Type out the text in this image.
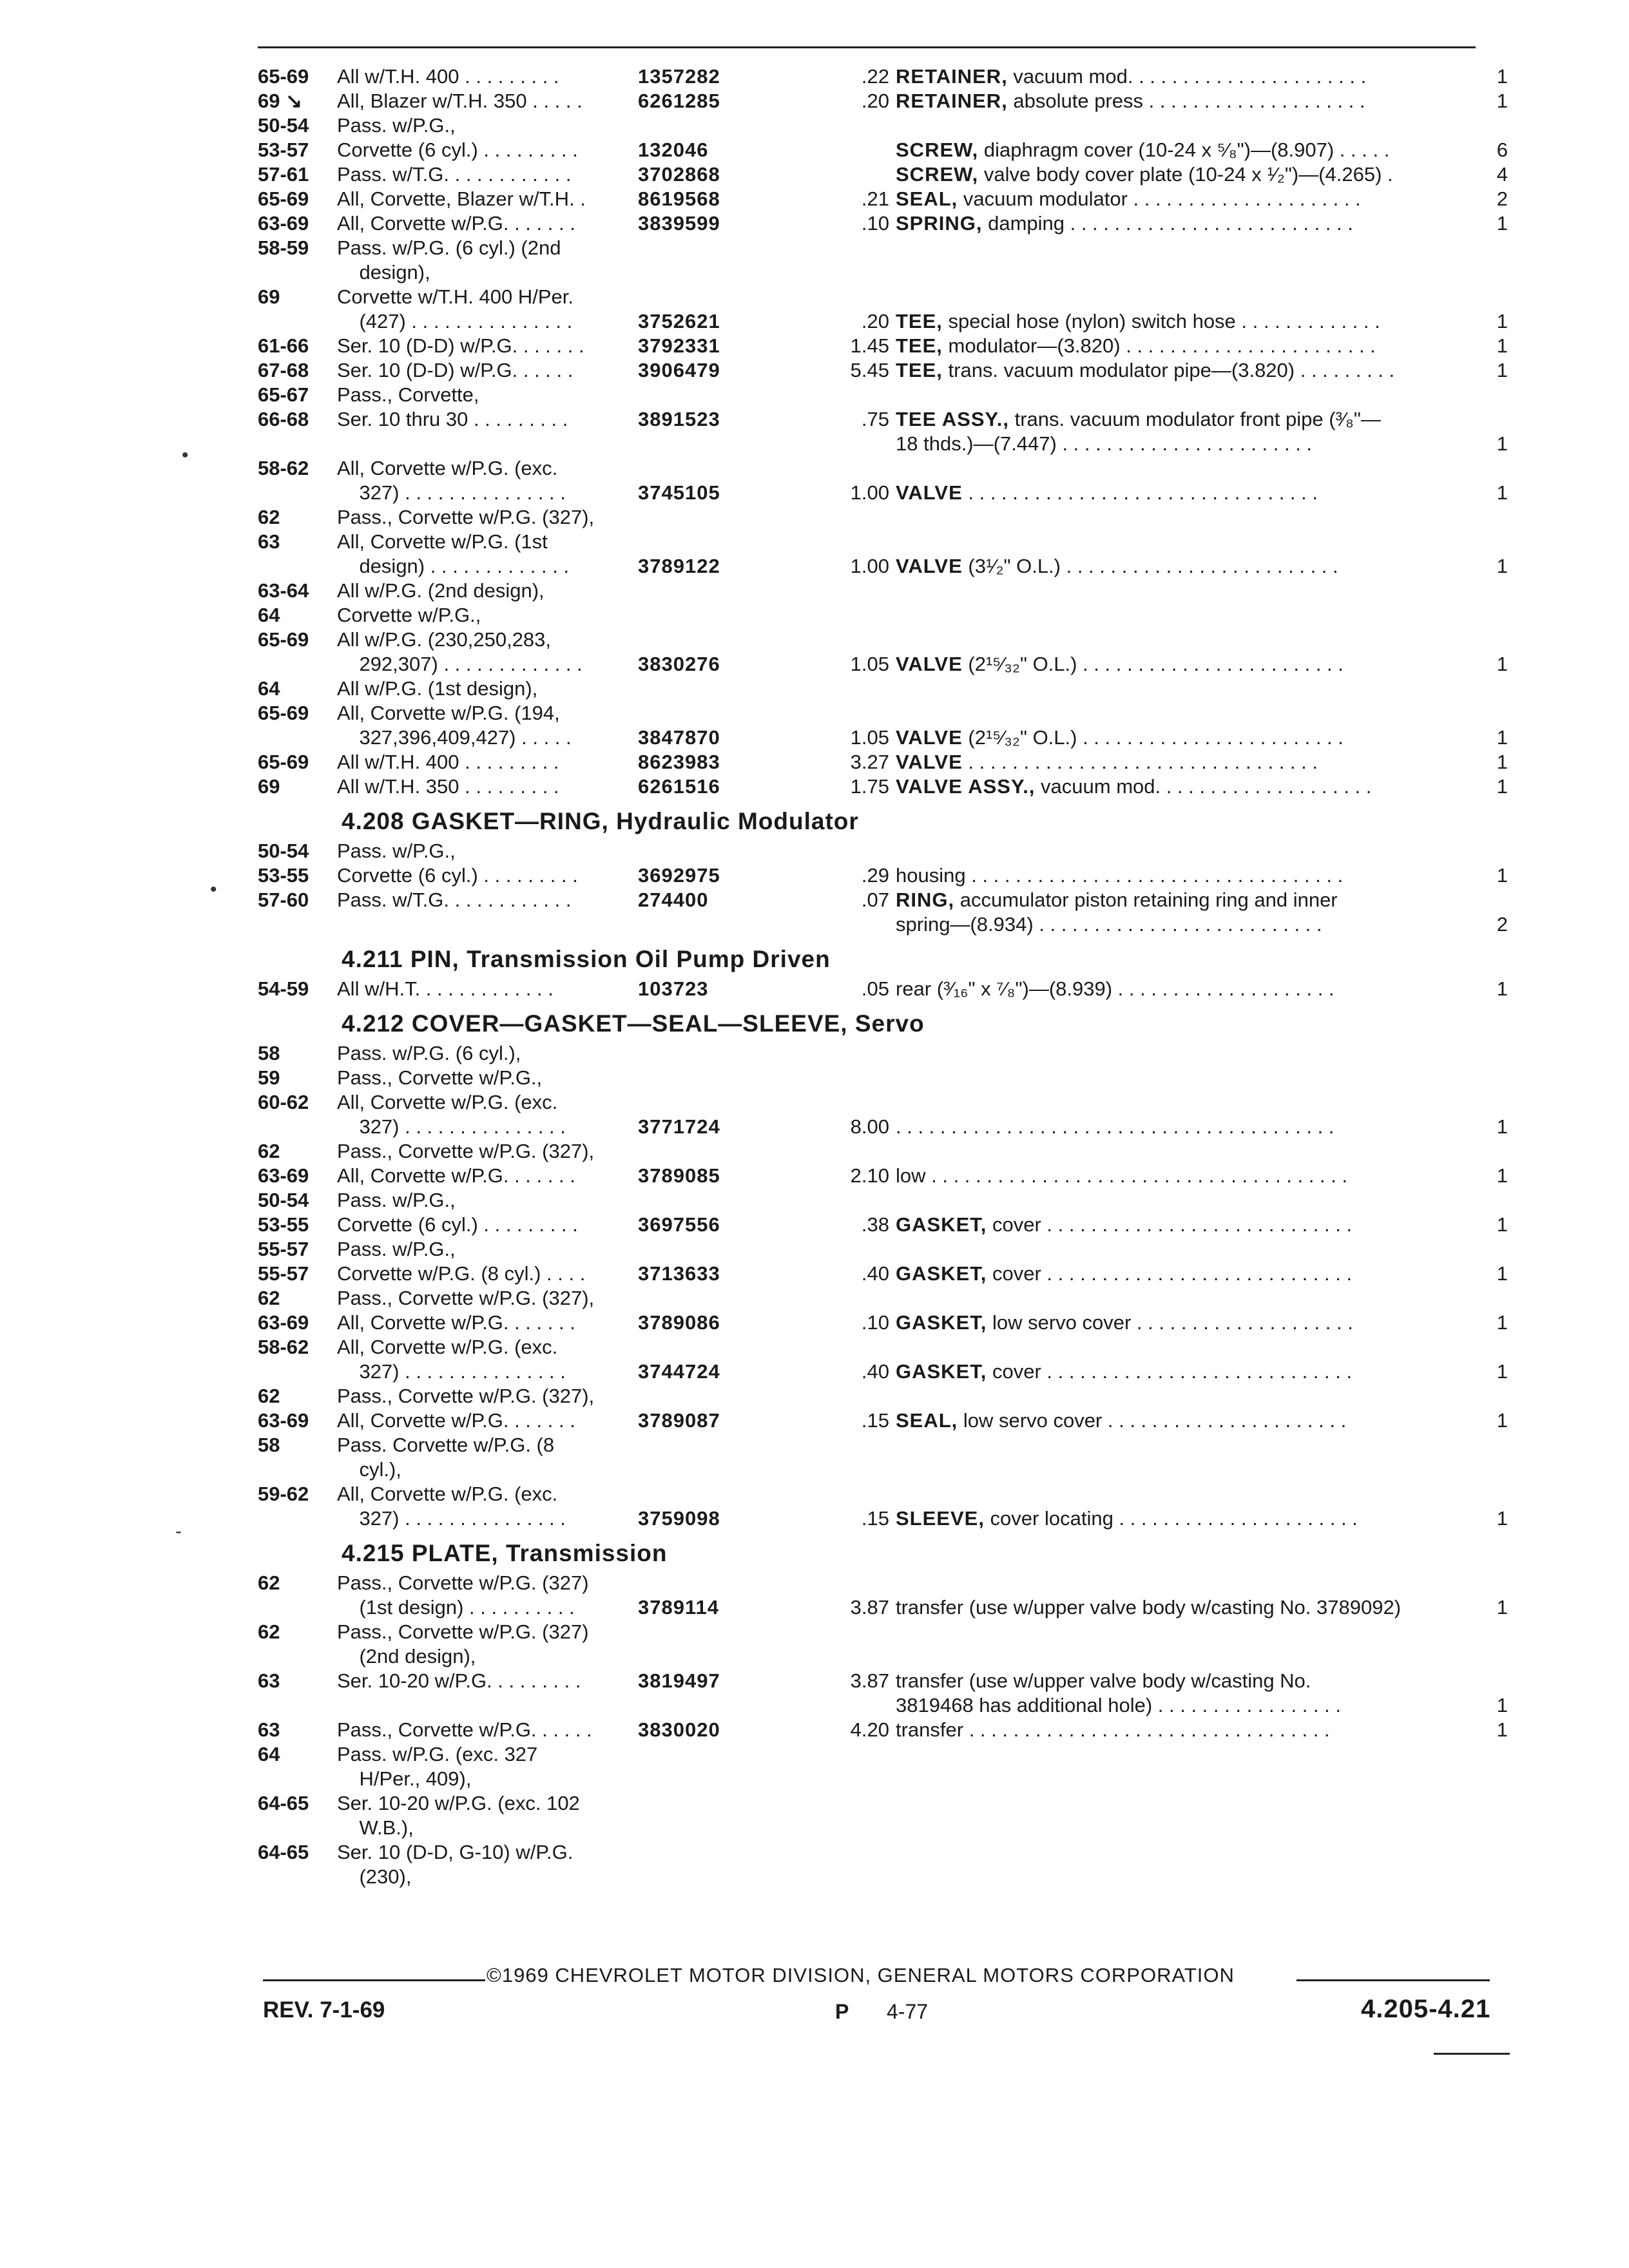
65-69	All w/T.H. 400 . . . . . . . . .	1357282	.22 RETAINER, vacuum mod. . . . . . . . . . . . . . . . . . . . . .	1
69 ↘	All, Blazer w/T.H. 350 . . . . .	6261285	.20 RETAINER, absolute press . . . . . . . . . . . . . . . . . . . .	1
50-54	Pass. w/P.G.,
53-57	Corvette (6 cyl.) . . . . . . . . .	132046	SCREW, diaphragm cover (10-24 x ⁵⁄₈")—(8.907) . . . . .	6
57-61	Pass. w/T.G. . . . . . . . . . . .	3702868	SCREW, valve body cover plate (10-24 x ¹⁄₂")—(4.265) .	4
65-69	All, Corvette, Blazer w/T.H. .	8619568	.21 SEAL, vacuum modulator . . . . . . . . . . . . . . . . . . . . .	2
63-69	All, Corvette w/P.G. . . . . . .	3839599	.10 SPRING, damping . . . . . . . . . . . . . . . . . . . . . . . . . .	1
58-59	Pass. w/P.G. (6 cyl.) (2nd
design),
69	Corvette w/T.H. 400 H/Per.
(427) . . . . . . . . . . . . . . .	3752621	.20 TEE, special hose (nylon) switch hose . . . . . . . . . . . . .	1
61-66	Ser. 10 (D-D) w/P.G. . . . . . .	3792331	1.45 TEE, modulator—(3.820) . . . . . . . . . . . . . . . . . . . . . . .	1
67-68	Ser. 10 (D-D) w/P.G. . . . . .	3906479	5.45 TEE, trans. vacuum modulator pipe—(3.820) . . . . . . . . .	1
65-67	Pass., Corvette,
66-68	Ser. 10 thru 30 . . . . . . . . .	3891523	.75 TEE ASSY., trans. vacuum modulator front pipe (³⁄₈"—
18 thds.)—(7.447) . . . . . . . . . . . . . . . . . . . . . . .	1
58-62	All, Corvette w/P.G. (exc.
327) . . . . . . . . . . . . . . .	3745105	1.00 VALVE . . . . . . . . . . . . . . . . . . . . . . . . . . . . . . . .	1
62	Pass., Corvette w/P.G. (327),
63	All, Corvette w/P.G. (1st
design) . . . . . . . . . . . . .	3789122	1.00 VALVE (3¹⁄₂" O.L.) . . . . . . . . . . . . . . . . . . . . . . . . .	1
63-64	All w/P.G. (2nd design),
64	Corvette w/P.G.,
65-69	All w/P.G. (230,250,283,
292,307) . . . . . . . . . . . . .	3830276	1.05 VALVE (2¹⁵⁄₃₂" O.L.) . . . . . . . . . . . . . . . . . . . . . . . .	1
64	All w/P.G. (1st design),
65-69	All, Corvette w/P.G. (194,
327,396,409,427) . . . . .	3847870	1.05 VALVE (2¹⁵⁄₃₂" O.L.) . . . . . . . . . . . . . . . . . . . . . . . .	1
65-69	All w/T.H. 400 . . . . . . . . .	8623983	3.27 VALVE . . . . . . . . . . . . . . . . . . . . . . . . . . . . . . . .	1
69	All w/T.H. 350 . . . . . . . . .	6261516	1.75 VALVE ASSY., vacuum mod. . . . . . . . . . . . . . . . . . . .	1
4.208 GASKET—RING, Hydraulic Modulator
50-54	Pass. w/P.G.,
53-55	Corvette (6 cyl.) . . . . . . . . .	3692975	.29 housing . . . . . . . . . . . . . . . . . . . . . . . . . . . . . . . . . .	1
57-60	Pass. w/T.G. . . . . . . . . . . .	274400	.07 RING, accumulator piston retaining ring and inner
spring—(8.934) . . . . . . . . . . . . . . . . . . . . . . . . . .	2
4.211 PIN, Transmission Oil Pump Driven
54-59	All w/H.T. . . . . . . . . . . . .	103723	.05 rear (³⁄₁₆" x ⁷⁄₈")—(8.939) . . . . . . . . . . . . . . . . . . . .	1
4.212 COVER—GASKET—SEAL—SLEEVE, Servo
58	Pass. w/P.G. (6 cyl.),
59	Pass., Corvette w/P.G.,
60-62	All, Corvette w/P.G. (exc.
327) . . . . . . . . . . . . . . .	3771724	8.00 . . . . . . . . . . . . . . . . . . . . . . . . . . . . . . . . . . . . . . . .	1
62	Pass., Corvette w/P.G. (327),
63-69	All, Corvette w/P.G. . . . . . .	3789085	2.10 low . . . . . . . . . . . . . . . . . . . . . . . . . . . . . . . . . . . . . .	1
50-54	Pass. w/P.G.,
53-55	Corvette (6 cyl.) . . . . . . . . .	3697556	.38 GASKET, cover . . . . . . . . . . . . . . . . . . . . . . . . . . . .	1
55-57	Pass. w/P.G.,
55-57	Corvette w/P.G. (8 cyl.) . . . .	3713633	.40 GASKET, cover . . . . . . . . . . . . . . . . . . . . . . . . . . . .	1
62	Pass., Corvette w/P.G. (327),
63-69	All, Corvette w/P.G. . . . . . .	3789086	.10 GASKET, low servo cover . . . . . . . . . . . . . . . . . . . .	1
58-62	All, Corvette w/P.G. (exc.
327) . . . . . . . . . . . . . . .	3744724	.40 GASKET, cover . . . . . . . . . . . . . . . . . . . . . . . . . . . .	1
62	Pass., Corvette w/P.G. (327),
63-69	All, Corvette w/P.G. . . . . . .	3789087	.15 SEAL, low servo cover . . . . . . . . . . . . . . . . . . . . . .	1
58	Pass. Corvette w/P.G. (8
cyl.),
59-62	All, Corvette w/P.G. (exc.
327) . . . . . . . . . . . . . . .	3759098	.15 SLEEVE, cover locating . . . . . . . . . . . . . . . . . . . . . .	1
4.215 PLATE, Transmission
62	Pass., Corvette w/P.G. (327)
(1st design) . . . . . . . . . .	3789114	3.87 transfer (use w/upper valve body w/casting No. 3789092)	1
62	Pass., Corvette w/P.G. (327)
(2nd design),
63	Ser. 10-20 w/P.G. . . . . . . . .	3819497	3.87 transfer (use w/upper valve body w/casting No.
3819468 has additional hole) . . . . . . . . . . . . . . . . .	1
63	Pass., Corvette w/P.G. . . . . .	3830020	4.20 transfer . . . . . . . . . . . . . . . . . . . . . . . . . . . . . . . . .	1
64	Pass. w/P.G. (exc. 327
H/Per., 409),
64-65	Ser. 10-20 w/P.G. (exc. 102
W.B.),
64-65	Ser. 10 (D-D, G-10) w/P.G.
(230),
•
•
-
©1969 CHEVROLET MOTOR DIVISION, GENERAL MOTORS CORPORATION
REV. 7-1-69	P 4-77	4.205-4.21
